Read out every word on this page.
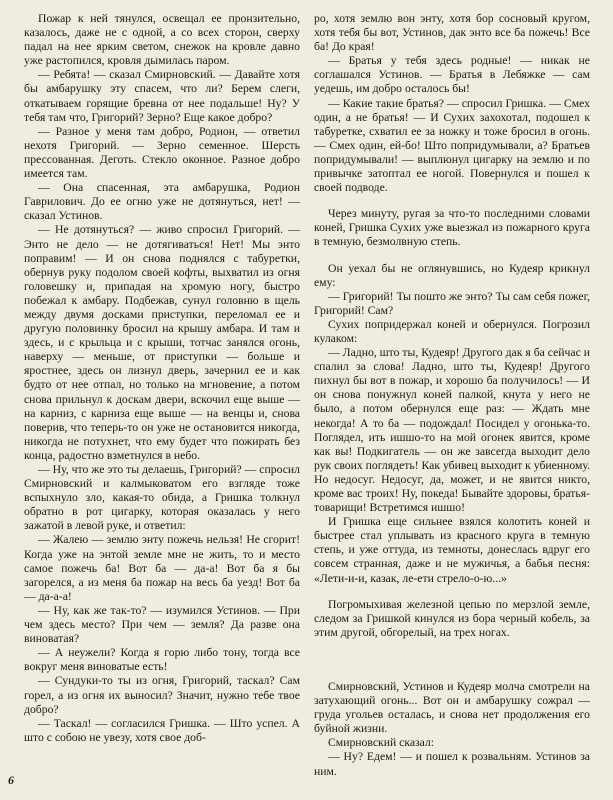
Пожар к ней тянулся, освещал ее пронзительно, казалось, даже не с одной, а со всех сторон, сверху падал на нее ярким светом, снежок на кровле давно уже растопился, кровля дымилась паром.

— Ребята! — сказал Смирновский. — Давайте хотя бы амбарушку эту спасем, что ли? Берем слеги, откатываем горящие бревна от нее подальше! Ну? У тебя там что, Григорий? Зерно? Еще какое добро?

— Разное у меня там добро, Родион, — ответил нехотя Григорий. — Зерно семенное. Шерсть прессованная. Деготь. Стекло оконное. Разное добро имеется там.

— Она спасенная, эта амбарушка, Родион Гаврилович. До ее огню уже не дотянуться, нет! — сказал Устинов.

— Не дотянуться? — живо спросил Григорий. — Энто не дело — не дотягиваться! Нет! Мы энто поправим! — И он снова поднялся с табуретки, обернув руку подолом своей кофты, выхватил из огня головешку и, припадая на хромую ногу, быстро побежал к амбару. Подбежав, сунул головню в щель между двумя досками приступки, переломал ее и другую половинку бросил на крышу амбара. И там и здесь, и с крыльца и с крыши, тотчас занялся огонь, наверху — меньше, от приступки — больше и яростнее, здесь он лизнул дверь, зачернил ее и как будто от нее отпал, но только на мгновение, а потом снова прильнул к доскам двери, вскочил еще выше — на карниз, с карниза еще выше — на венцы и, снова поверив, что теперь-то он уже не остановится никогда, никогда не потухнет, что ему будет что пожирать без конца, радостно взметнулся в небо.

— Ну, что же это ты делаешь, Григорий? — спросил Смирновский и калмыковатом его взгляде тоже вспыхнуло зло, какая-то обида, а Гришка толкнул обратно в рот цигарку, которая оказалась у него зажатой в левой руке, и ответил:

— Жалею — землю энту пожечь нельзя! Не сгорит! Когда уже на энтой земле мне не жить, то и место самое пожечь ба! Вот ба — да-а! Вот ба я бы загорелся, а из меня ба пожар на весь ба уезд! Вот ба — да-а-а!

— Ну, как же так-то? — изумился Устинов. — При чем здесь место? При чем — земля? Да разве она виноватая?

— А неужели? Когда я горю либо тону, тогда все вокруг меня виноватые есть!

— Сундуки-то ты из огня, Григорий, таскал? Сам горел, а из огня их выносил? Значит, нужно тебе твое добро?

— Таскал! — согласился Гришка. — Што успел. А што с собою не увезу, хотя свое доб-

ро, хотя землю вон энту, хотя бор сосновый кругом, хотя тебя бы вот, Устинов, дак энто все ба пожечь! Все ба! До края!

— Братья у тебя здесь родные! — никак не соглашался Устинов. — Братья в Лебяжке — сам уедешь, им добро осталось бы!

— Какие такие братья? — спросил Гришка. — Смех один, а не братья! — И Сухих захохотал, подошел к табуретке, схватил ее за ножку и тоже бросил в огонь. — Смех один, ей-бо! Што попридумывали, а? Братьев попридумывали! — выплюнул цигарку на землю и по привычке затоптал ее ногой. Повернулся и пошел к своей подводе.

Через минуту, ругая за что-то последними словами коней, Гришка Сухих уже выезжал из пожарного круга в темную, безмолвную степь.

Он уехал бы не оглянувшись, но Кудеяр крикнул ему:

— Григорий! Ты пошто же энто? Ты сам себя пожег, Григорий! Сам?

Сухих попридержал коней и обернулся. Погрозил кулаком:

— Ладно, што ты, Кудеяр! Другого дак я ба сейчас и спалил за слова! Ладно, што ты, Кудеяр! Другого пихнул бы вот в пожар, и хорошо ба получилось! — И он снова понужнул коней палкой, кнута у него не было, а потом обернулся еще раз: — Ждать мне некогда! А то ба — подождал! Посидел у огонька-то. Поглядел, ить ишшо-то на мой огонек явится, кроме как вы! Подкигатель — он же завсегда выходит дело рук своих поглядеть! Как убивец выходит к убиенному. Но недосуг. Недосуг, да, может, и не явится никто, кроме вас троих! Ну, покеда! Бывайте здоровы, братья-товарищи! Встретимся ишшо!

И Гришка еще сильнее взялся колотить коней и быстрее стал уплывать из красного круга в темную степь, и уже оттуда, из темноты, донеслась вдруг его совсем странная, даже и не мужичья, а бабья песня: «Лети-и-и, казак, ле-ети стрело-о-ю...»

Погромыхивая железной цепью по мерзлой земле, следом за Гришкой кинулся из бора черный кобель, за этим другой, обгорелый, на трех ногах.

Смирновский, Устинов и Кудеяр молча смотрели на затухающий огонь... Вот он и амбарушку сожрал — груда угольев осталась, и снова нет продолжения его буйной жизни.

Смирновский сказал:

— Ну? Едем! — и пошел к розвальням. Устинов за ним.

6
